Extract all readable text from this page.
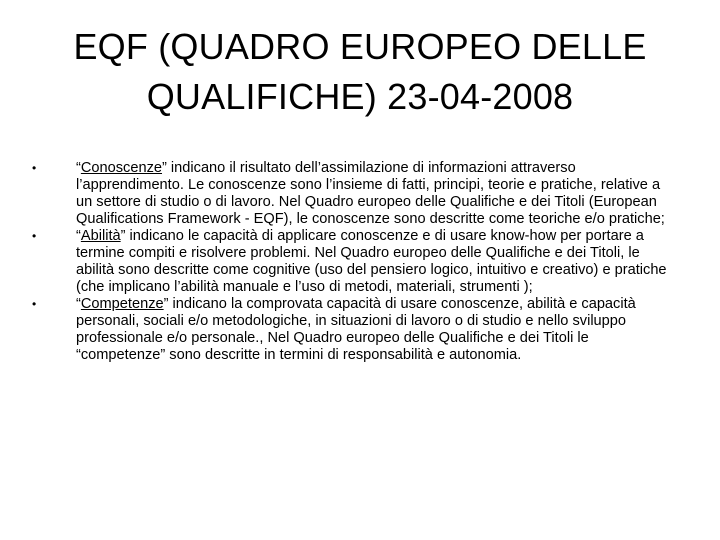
EQF (QUADRO EUROPEO DELLE
QUALIFICHE) 23-04-2008
•	“Conoscenze” indicano il risultato dell’assimilazione di informazioni attraverso l’apprendimento. Le conoscenze sono l’insieme di fatti, principi, teorie e pratiche, relative a un settore di studio o di lavoro. Nel Quadro europeo delle Qualifiche e dei Titoli (European Qualifications Framework - EQF), le conoscenze sono descritte come teoriche e/o pratiche;
•	“Abilità” indicano le capacità di applicare conoscenze e di usare know-how per portare a termine compiti e risolvere problemi. Nel Quadro europeo delle Qualifiche e dei Titoli, le abilità sono descritte come cognitive (uso del pensiero logico, intuitivo e creativo) e pratiche (che implicano l’abilità manuale e l’uso di metodi, materiali, strumenti );
•	“Competenze” indicano la comprovata capacità di usare conoscenze, abilità e capacità personali, sociali e/o metodologiche, in situazioni di lavoro o di studio e nello sviluppo professionale e/o personale., Nel Quadro europeo delle Qualifiche e dei Titoli le “competenze” sono descritte in termini di responsabilità e autonomia.
